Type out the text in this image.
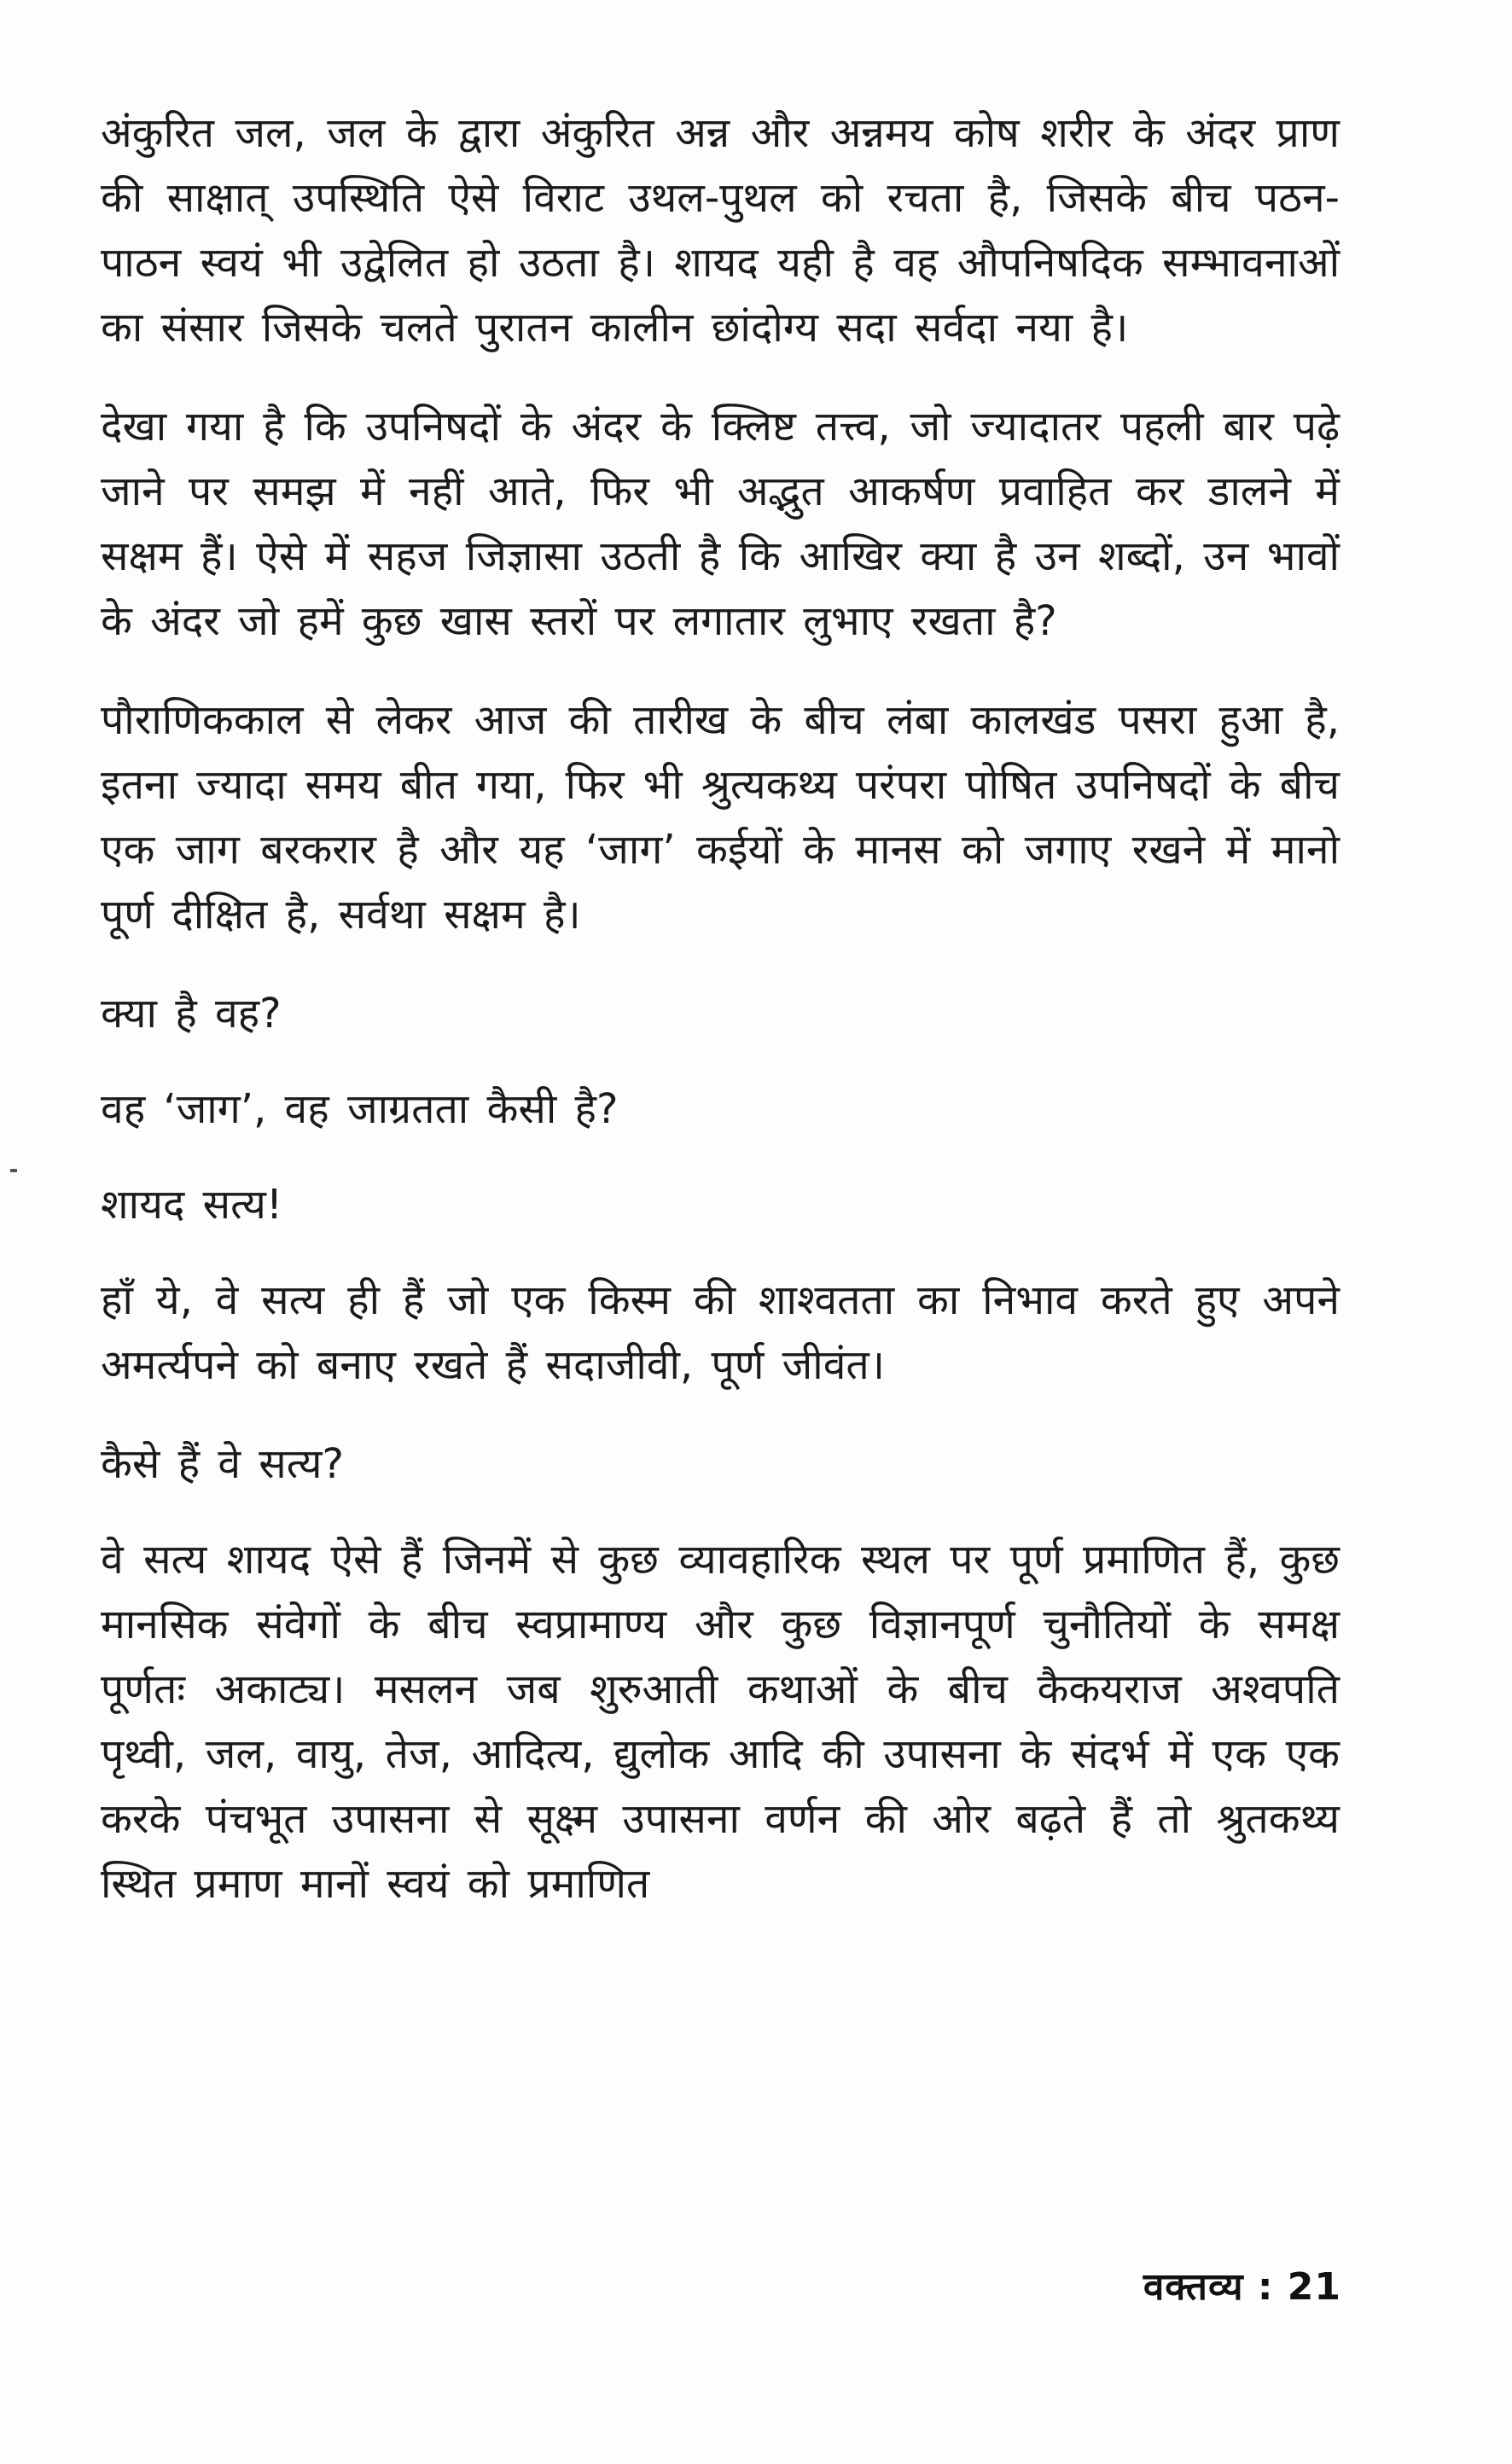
अंकुरित जल, जल के द्वारा अंकुरित अन्न और अन्नमय कोष शरीर के अंदर प्राण की साक्षात् उपस्थिति ऐसे विराट उथल-पुथल को रचता है, जिसके बीच पठन-पाठन स्वयं भी उद्वेलित हो उठता है। शायद यही है वह औपनिषदिक सम्भावनाओं का संसार जिसके चलते पुरातन कालीन छांदोग्य सदा सर्वदा नया है।

देखा गया है कि उपनिषदों के अंदर के क्लिष्ट तत्त्व, जो ज्यादातर पहली बार पढ़े जाने पर समझ में नहीं आते, फिर भी अद्भुत आकर्षण प्रवाहित कर डालने में सक्षम हैं। ऐसे में सहज जिज्ञासा उठती है कि आखिर क्या है उन शब्दों, उन भावों के अंदर जो हमें कुछ खास स्तरों पर लगातार लुभाए रखता है?

पौराणिककाल से लेकर आज की तारीख के बीच लंबा कालखंड पसरा हुआ है, इतना ज्यादा समय बीत गया, फिर भी श्रुत्यकथ्य परंपरा पोषित उपनिषदों के बीच एक जाग बरकरार है और यह ‘जाग’ कईयों के मानस को जगाए रखने में मानो पूर्ण दीक्षित है, सर्वथा सक्षम है।

क्या है वह?

वह ‘जाग’, वह जाग्रतता कैसी है?

शायद सत्य!

हाँ ये, वे सत्य ही हैं जो एक किस्म की शाश्वतता का निभाव करते हुए अपने अमर्त्यपने को बनाए रखते हैं सदाजीवी, पूर्ण जीवंत।

कैसे हैं वे सत्य?

वे सत्य शायद ऐसे हैं जिनमें से कुछ व्यावहारिक स्थल पर पूर्ण प्रमाणित हैं, कुछ मानसिक संवेगों के बीच स्वप्रामाण्य और कुछ विज्ञानपूर्ण चुनौतियों के समक्ष पूर्णतः अकाट्य। मसलन जब शुरुआती कथाओं के बीच कैकयराज अश्वपति पृथ्वी, जल, वायु, तेज, आदित्य, द्युलोक आदि की उपासना के संदर्भ में एक एक करके पंचभूत उपासना से सूक्ष्म उपासना वर्णन की ओर बढ़ते हैं तो श्रुतकथ्य स्थित प्रमाण मानों स्वयं को प्रमाणित

वक्तव्य : 21
